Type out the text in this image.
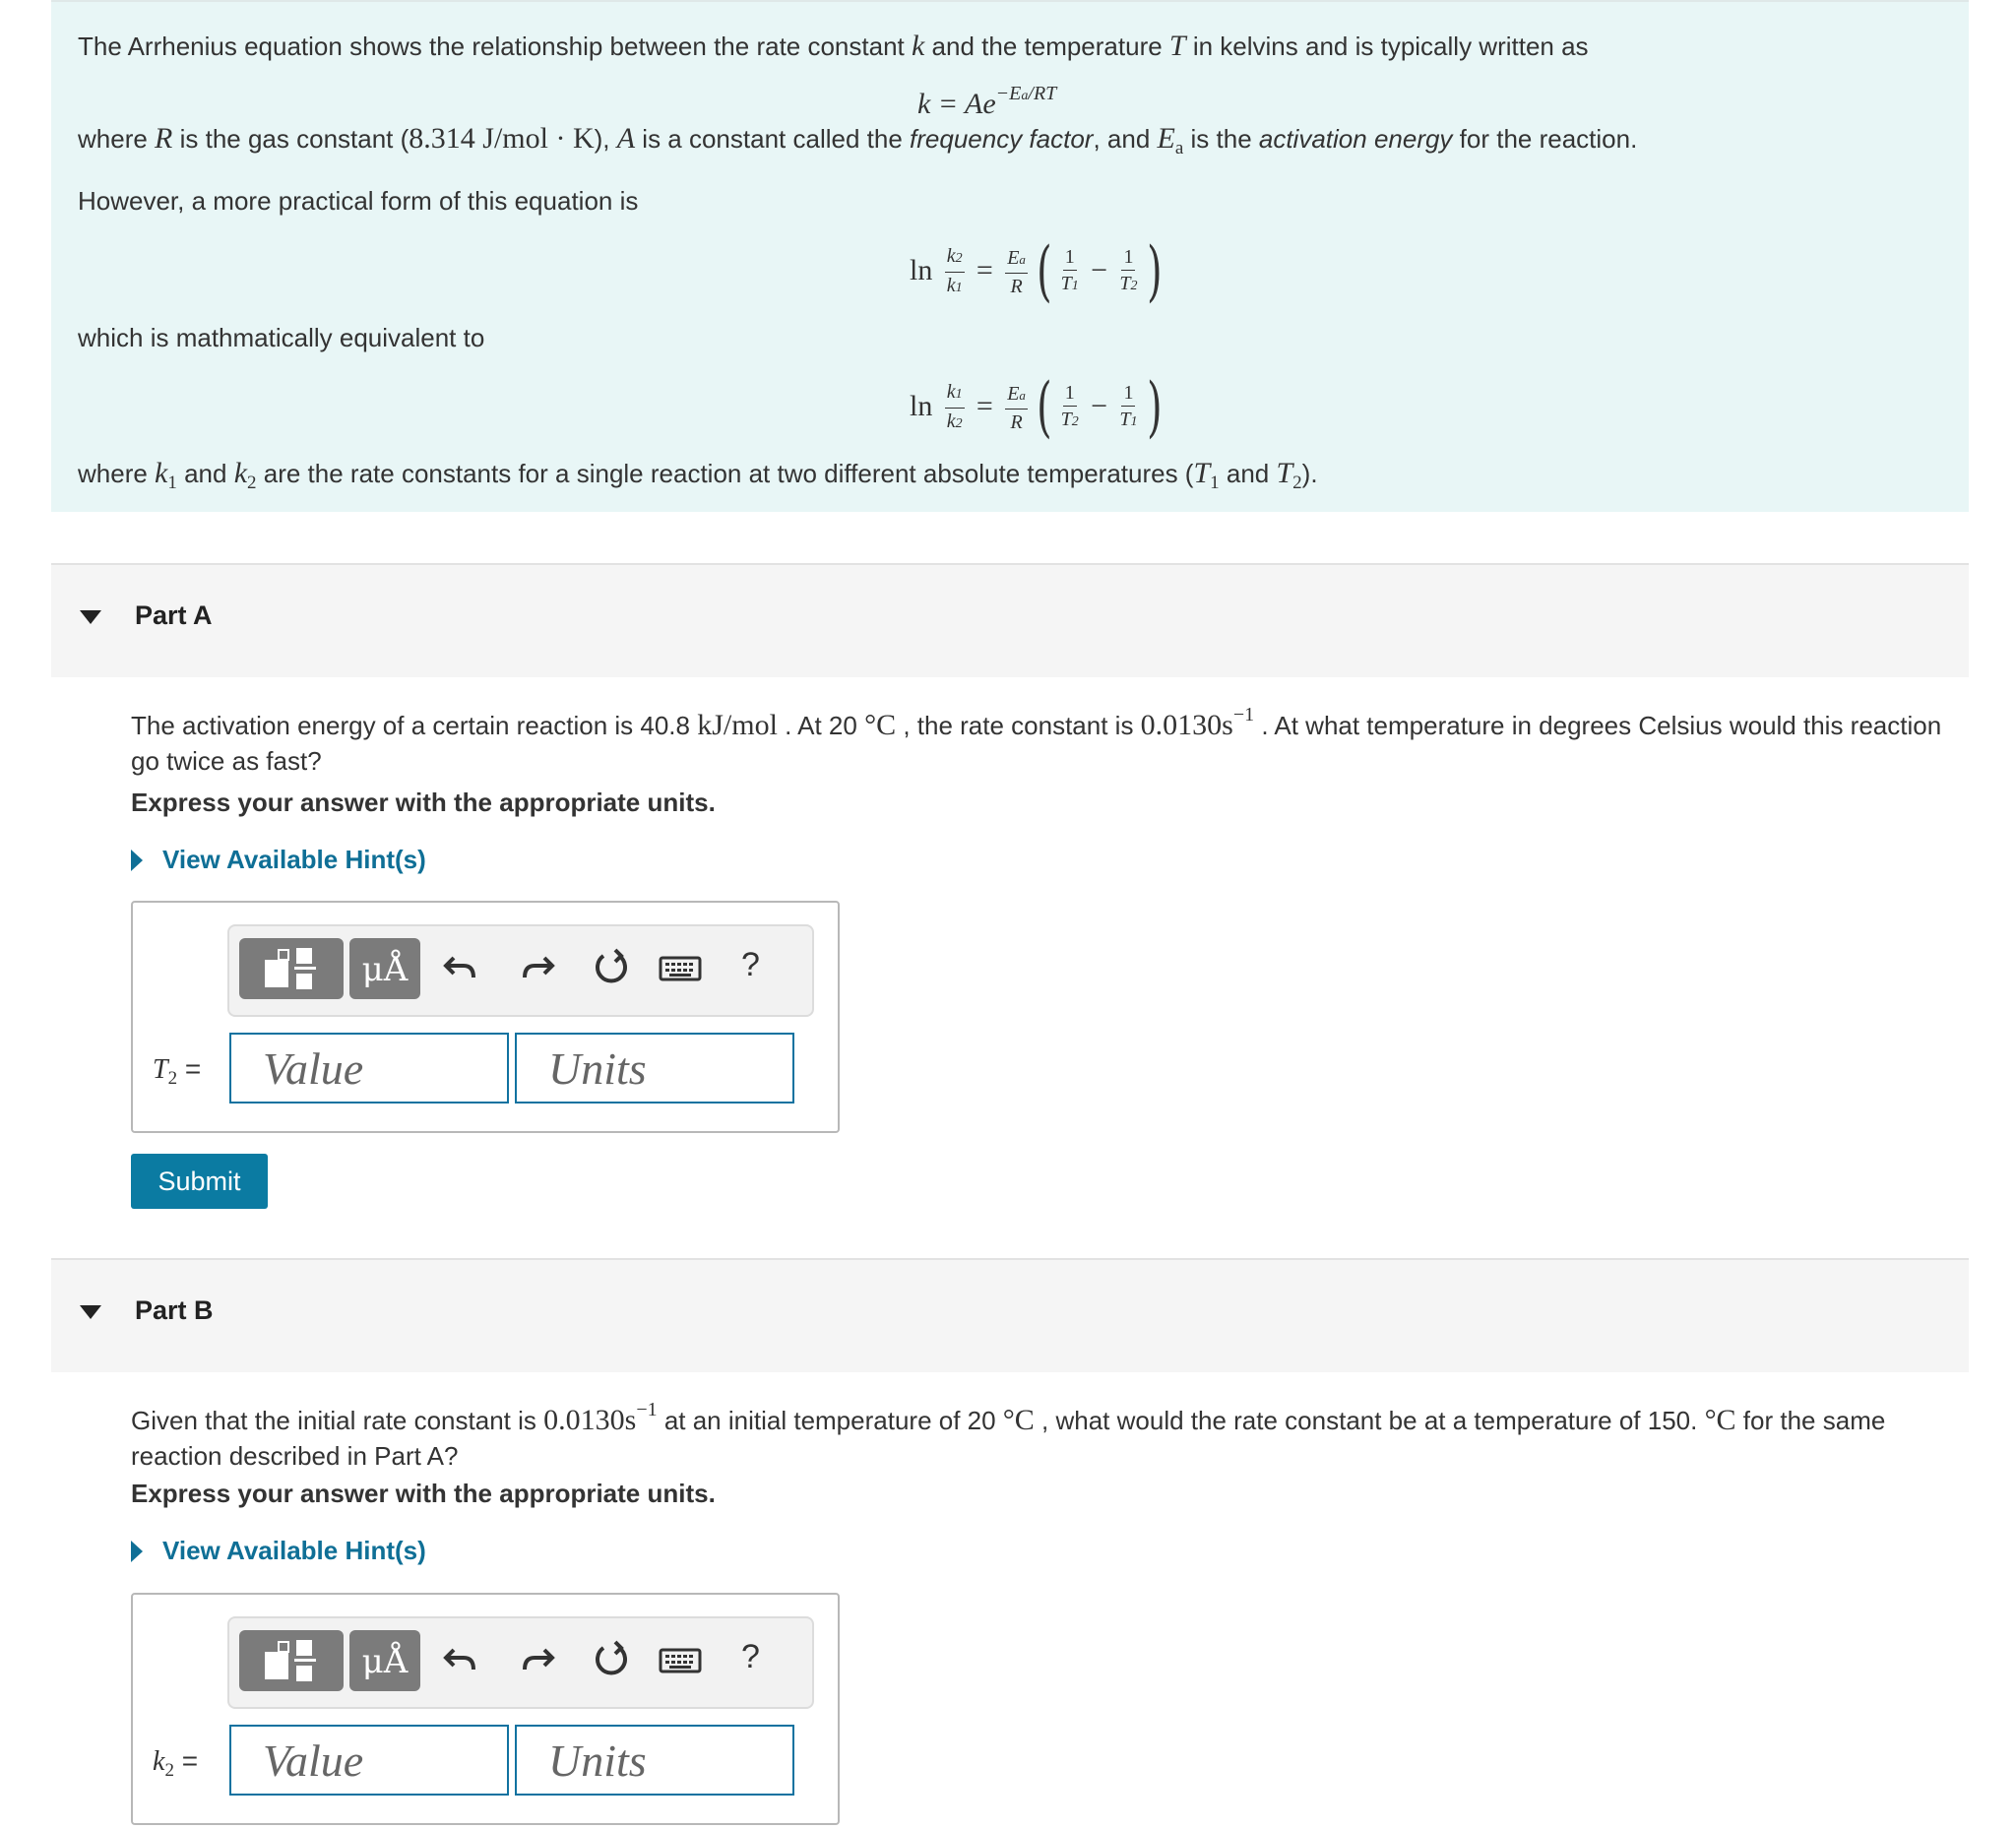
The Arrhenius equation shows the relationship between the rate constant k and the temperature T in kelvins and is typically written as
$k = Ae^{-Ea/RT}$
where R is the gas constant (8.314 J/mol · K), A is a constant called the frequency factor, and $E_a$ is the activation energy for the reaction.
However, a more practical form of this equation is
$\ln \frac{k2}{k1} = \frac{Ea}{R}$ ( $\frac{1}{T1} - \frac{1}{T2}$ )
which is mathmatically equivalent to
$\ln \frac{k1}{k2} = \frac{Ea}{R}$ ( $\frac{1}{T2} - \frac{1}{T1}$ )
where $k_1$ and $k_2$ are the rate constants for a single reaction at two different absolute temperatures ($T_1$ and $T_2$).
Part A
The activation energy of a certain reaction is 40.8 kJ/mol . At 20 °C , the rate constant is $0.0130s^{-1}$ . At what temperature in degrees Celsius would this reaction go twice as fast?
Express your answer with the appropriate units.
View Available Hint(s)
μÅ	?
$T_2$ =
Value
Units
Submit
Part B
Given that the initial rate constant is $0.0130s^{-1}$ at an initial temperature of 20 °C , what would the rate constant be at a temperature of 150. °C for the same reaction described in Part A?
Express your answer with the appropriate units.
View Available Hint(s)
μÅ	?
$k_2$ =
Value
Units
